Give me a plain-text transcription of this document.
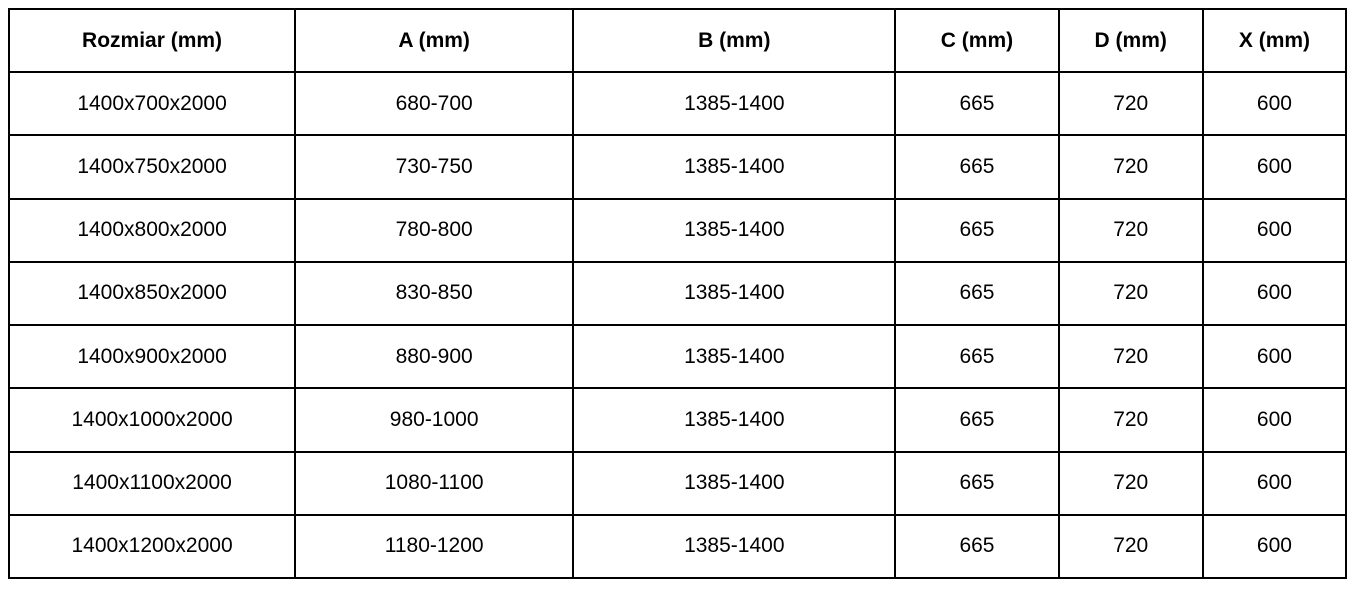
Rozmiar (mm)	A (mm)	B (mm)	C (mm)	D (mm)	X (mm)
1400x700x2000	680-700	1385-1400	665	720	600
1400x750x2000	730-750	1385-1400	665	720	600
1400x800x2000	780-800	1385-1400	665	720	600
1400x850x2000	830-850	1385-1400	665	720	600
1400x900x2000	880-900	1385-1400	665	720	600
1400x1000x2000	980-1000	1385-1400	665	720	600
1400x1100x2000	1080-1100	1385-1400	665	720	600
1400x1200x2000	1180-1200	1385-1400	665	720	600
